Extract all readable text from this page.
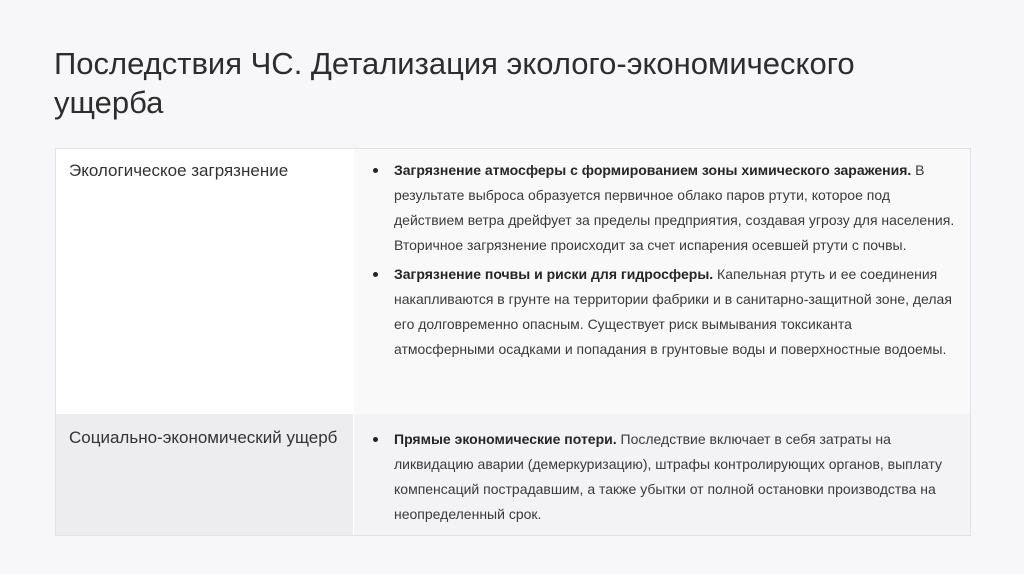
Последствия ЧС. Детализация эколого-экономического ущерба
Экологическое загрязнение	Загрязнение атмосферы с формированием зоны химического заражения. В результате выброса образуется первичное облако паров ртути, которое под действием ветра дрейфует за пределы предприятия, создавая угрозу для населения. Вторичное загрязнение происходит за счет испарения осевшей ртути с почвы.
Загрязнение почвы и риски для гидросферы. Капельная ртуть и ее соединения накапливаются в грунте на территории фабрики и в санитарно-защитной зоне, делая его долговременно опасным. Существует риск вымывания токсиканта атмосферными осадками и попадания в грунтовые воды и поверхностные водоемы.
Социально-экономический ущерб	Прямые экономические потери. Последствие включает в себя затраты на ликвидацию аварии (демеркуризацию), штрафы контролирующих органов, выплату компенсаций пострадавшим, а также убытки от полной остановки производства на неопределенный срок.
